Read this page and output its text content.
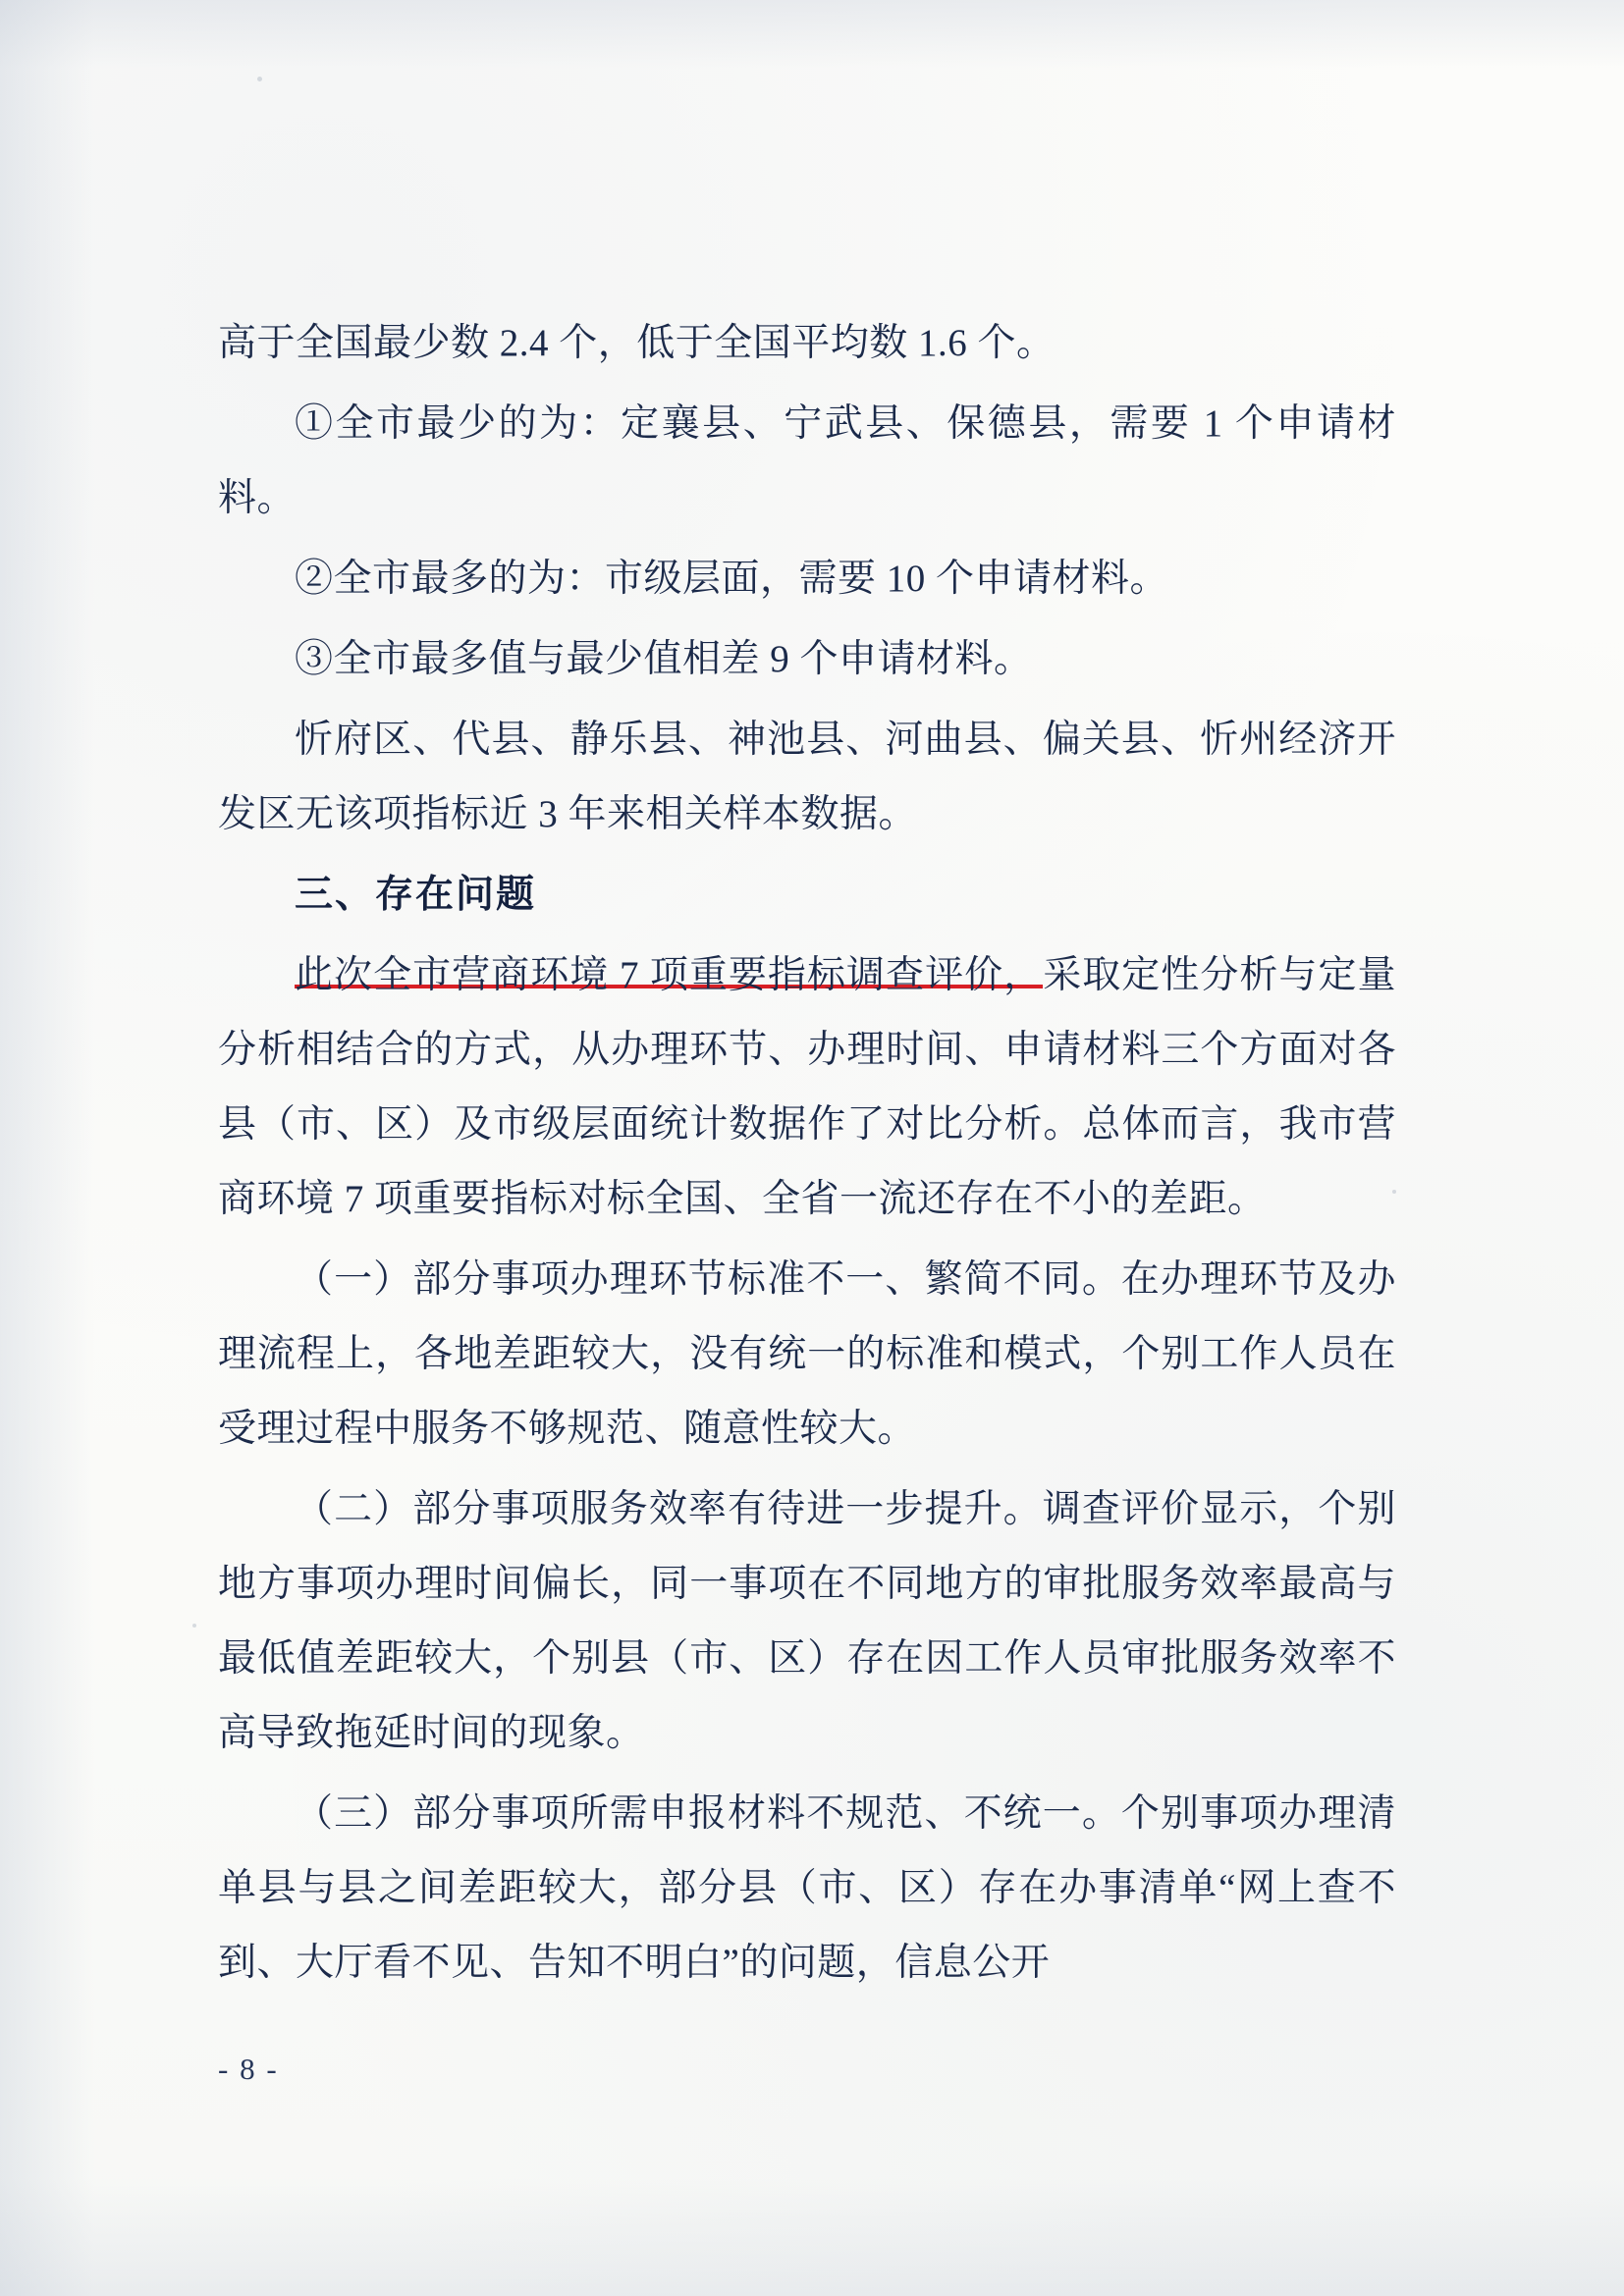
高于全国最少数 2.4 个，低于全国平均数 1.6 个。

①全市最少的为：定襄县、宁武县、保德县，需要 1 个申请材料。

②全市最多的为：市级层面，需要 10 个申请材料。

③全市最多值与最少值相差 9 个申请材料。

忻府区、代县、静乐县、神池县、河曲县、偏关县、忻州经济开发区无该项指标近 3 年来相关样本数据。

三、存在问题

此次全市营商环境 7 项重要指标调查评价，采取定性分析与定量分析相结合的方式，从办理环节、办理时间、申请材料三个方面对各县（市、区）及市级层面统计数据作了对比分析。总体而言，我市营商环境 7 项重要指标对标全国、全省一流还存在不小的差距。

（一）部分事项办理环节标准不一、繁简不同。在办理环节及办理流程上，各地差距较大，没有统一的标准和模式，个别工作人员在受理过程中服务不够规范、随意性较大。

（二）部分事项服务效率有待进一步提升。调查评价显示，个别地方事项办理时间偏长，同一事项在不同地方的审批服务效率最高与最低值差距较大，个别县（市、区）存在因工作人员审批服务效率不高导致拖延时间的现象。

（三）部分事项所需申报材料不规范、不统一。个别事项办理清单县与县之间差距较大，部分县（市、区）存在办事清单“网上查不到、大厅看不见、告知不明白”的问题，信息公开

- 8 -
